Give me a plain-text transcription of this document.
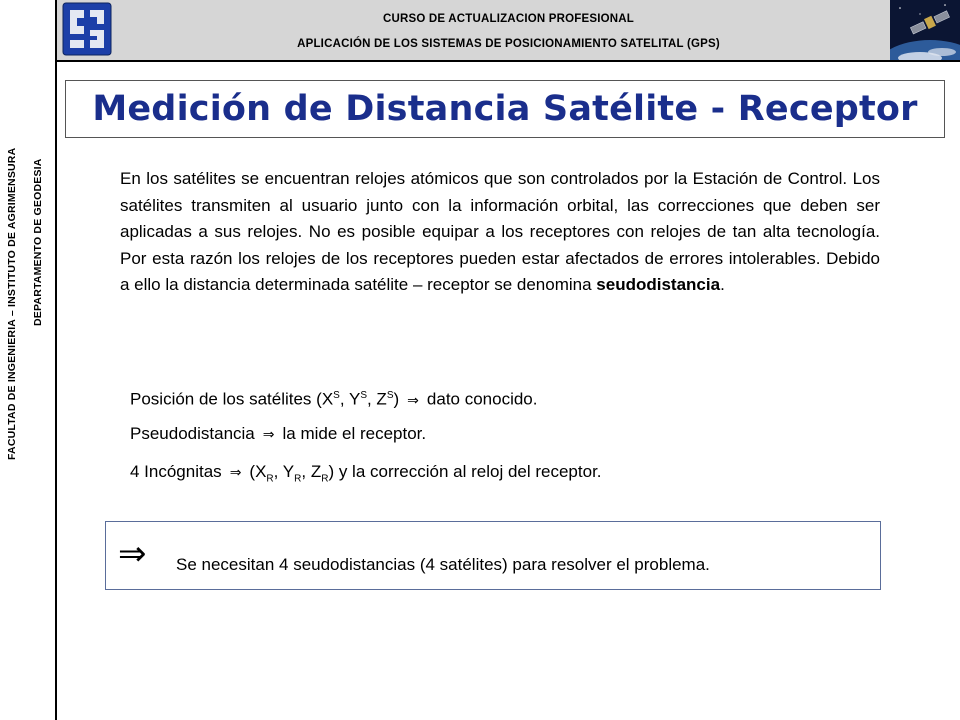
FACULTAD DE INGENIERIA – INSTITUTO DE AGRIMENSURA DEPARTAMENTO DE GEODESIA
CURSO DE ACTUALIZACION PROFESIONAL
APLICACIÓN DE LOS SISTEMAS DE POSICIONAMIENTO SATELITAL (GPS)
Medición de Distancia Satélite - Receptor
En los satélites se encuentran relojes atómicos que son controlados por la Estación de Control. Los satélites transmiten al usuario junto con la información orbital, las correcciones que deben ser aplicadas a sus relojes. No es posible equipar a los receptores con relojes de tan alta tecnología. Por esta razón los relojes de los receptores pueden estar afectados de errores intolerables. Debido a ello la distancia determinada satélite – receptor se denomina seudodistancia.
Posición de los satélites ($X^S$, $Y^S$, $Z^S$) ⇒ dato conocido.
Pseudodistancia ⇒ la mide el receptor.
4 Incógnitas ⇒ ($X_R$, $Y_R$, $Z_R$) y la corrección al reloj del receptor.
⇒ Se necesitan 4 seudodistancias (4 satélites) para resolver el problema.
